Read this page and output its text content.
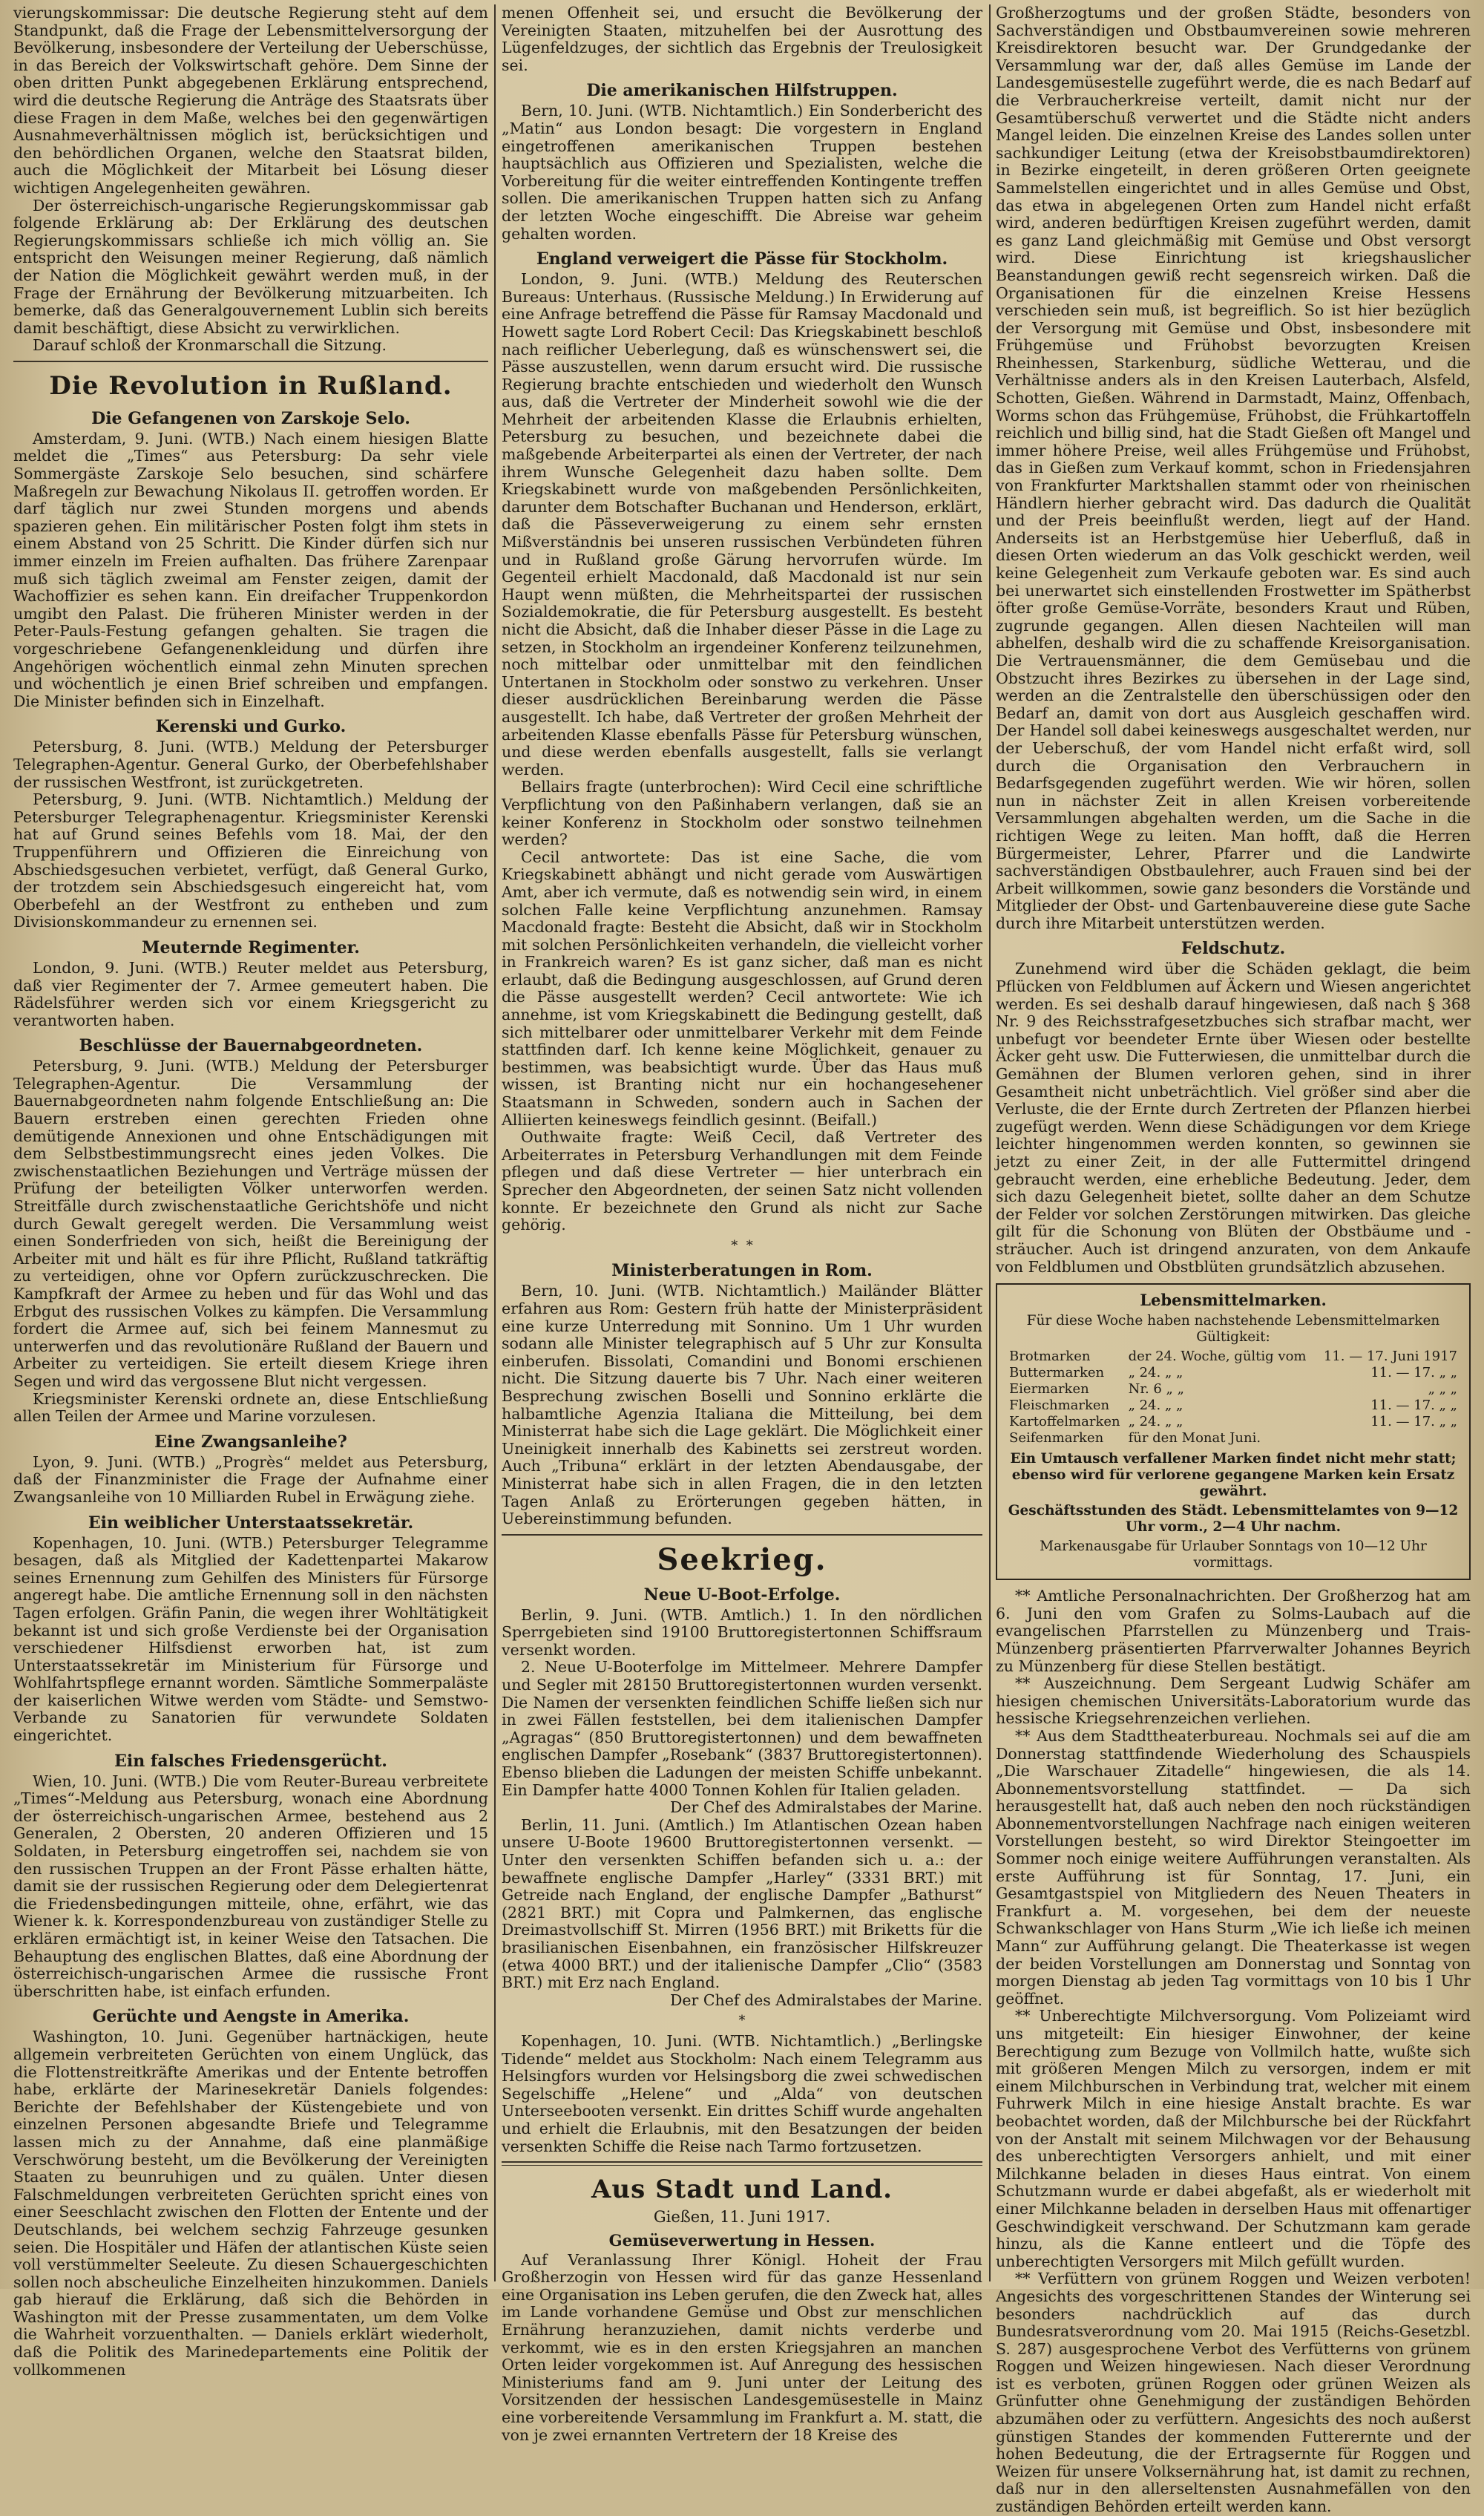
vierungskommissar: Die deutsche Regierung steht auf dem Standpunkt, daß die Frage der Lebensmittelversorgung der Bevölkerung, insbesondere der Verteilung der Ueberschüsse, in das Bereich der Volkswirtschaft gehöre. Dem Sinne der oben dritten Punkt abgegebenen Erklärung entsprechend, wird die deutsche Regierung die Anträge des Staatsrats über diese Fragen in dem Maße, welches bei den gegenwärtigen Ausnahmeverhältnissen möglich ist, berücksichtigen und den behördlichen Organen, welche den Staatsrat bilden, auch die Möglichkeit der Mitarbeit bei Lösung dieser wichtigen Angelegenheiten gewähren.

Der österreichisch-ungarische Regierungskommissar gab folgende Erklärung ab: Der Erklärung des deutschen Regierungskommissars schließe ich mich völlig an. Sie entspricht den Weisungen meiner Regierung, daß nämlich der Nation die Möglichkeit gewährt werden muß, in der Frage der Ernährung der Bevölkerung mitzuarbeiten. Ich bemerke, daß das Generalgouvernement Lublin sich bereits damit beschäftigt, diese Absicht zu verwirklichen.

Darauf schloß der Kronmarschall die Sitzung.

Die Revolution in Rußland.
Die Gefangenen von Zarskoje Selo.

Amsterdam, 9. Juni. (WTB.) Nach einem hiesigen Blatte meldet die „Times“ aus Petersburg: Da sehr viele Sommergäste Zarskoje Selo besuchen, sind schärfere Maßregeln zur Bewachung Nikolaus II. getroffen worden. Er darf täglich nur zwei Stunden morgens und abends spazieren gehen. Ein militärischer Posten folgt ihm stets in einem Abstand von 25 Schritt. Die Kinder dürfen sich nur immer einzeln im Freien aufhalten. Das frühere Zarenpaar muß sich täglich zweimal am Fenster zeigen, damit der Wachoffizier es sehen kann. Ein dreifacher Truppenkordon umgibt den Palast. Die früheren Minister werden in der Peter-Pauls-Festung gefangen gehalten. Sie tragen die vorgeschriebene Gefangenenkleidung und dürfen ihre Angehörigen wöchentlich einmal zehn Minuten sprechen und wöchentlich je einen Brief schreiben und empfangen. Die Minister befinden sich in Einzelhaft.

Kerenski und Gurko.

Petersburg, 8. Juni. (WTB.) Meldung der Petersburger Telegraphen-Agentur. General Gurko, der Oberbefehlshaber der russischen Westfront, ist zurückgetreten.

Petersburg, 9. Juni. (WTB. Nichtamtlich.) Meldung der Petersburger Telegraphenagentur. Kriegsminister Kerenski hat auf Grund seines Befehls vom 18. Mai, der den Truppenführern und Offizieren die Einreichung von Abschiedsgesuchen verbietet, verfügt, daß General Gurko, der trotzdem sein Abschiedsgesuch eingereicht hat, vom Oberbefehl an der Westfront zu entheben und zum Divisionskommandeur zu ernennen sei.

Meuternde Regimenter.

London, 9. Juni. (WTB.) Reuter meldet aus Petersburg, daß vier Regimenter der 7. Armee gemeutert haben. Die Rädelsführer werden sich vor einem Kriegsgericht zu verantworten haben.

Beschlüsse der Bauernabgeordneten.

Petersburg, 9. Juni. (WTB.) Meldung der Petersburger Telegraphen-Agentur. Die Versammlung der Bauernabgeordneten nahm folgende Entschließung an: Die Bauern erstreben einen gerechten Frieden ohne demütigende Annexionen und ohne Entschädigungen mit dem Selbstbestimmungsrecht eines jeden Volkes. Die zwischenstaatlichen Beziehungen und Verträge müssen der Prüfung der beteiligten Völker unterworfen werden. Streitfälle durch zwischenstaatliche Gerichtshöfe und nicht durch Gewalt geregelt werden. Die Versammlung weist einen Sonderfrieden von sich, heißt die Bereinigung der Arbeiter mit und hält es für ihre Pflicht, Rußland tatkräftig zu verteidigen, ohne vor Opfern zurückzuschrecken. Die Kampfkraft der Armee zu heben und für das Wohl und das Erbgut des russischen Volkes zu kämpfen. Die Versammlung fordert die Armee auf, sich bei feinem Mannesmut zu unterwerfen und das revolutionäre Rußland der Bauern und Arbeiter zu verteidigen. Sie erteilt diesem Kriege ihren Segen und wird das vergossene Blut nicht vergessen.

Kriegsminister Kerenski ordnete an, diese Entschließung allen Teilen der Armee und Marine vorzulesen.

Eine Zwangsanleihe?

Lyon, 9. Juni. (WTB.) „Progrès“ meldet aus Petersburg, daß der Finanzminister die Frage der Aufnahme einer Zwangsanleihe von 10 Milliarden Rubel in Erwägung ziehe.

Ein weiblicher Unterstaatssekretär.

Kopenhagen, 10. Juni. (WTB.) Petersburger Telegramme besagen, daß als Mitglied der Kadettenpartei Makarow seines Ernennung zum Gehilfen des Ministers für Fürsorge angeregt habe. Die amtliche Ernennung soll in den nächsten Tagen erfolgen. Gräfin Panin, die wegen ihrer Wohltätigkeit bekannt ist und sich große Verdienste bei der Organisation verschiedener Hilfsdienst erworben hat, ist zum Unterstaatssekretär im Ministerium für Fürsorge und Wohlfahrtspflege ernannt worden. Sämtliche Sommerpaläste der kaiserlichen Witwe werden vom Städte- und Semstwo-Verbande zu Sanatorien für verwundete Soldaten eingerichtet.

Ein falsches Friedensgerücht.

Wien, 10. Juni. (WTB.) Die vom Reuter-Bureau verbreitete „Times“-Meldung aus Petersburg, wonach eine Abordnung der österreichisch-ungarischen Armee, bestehend aus 2 Generalen, 2 Obersten, 20 anderen Offizieren und 15 Soldaten, in Petersburg eingetroffen sei, nachdem sie von den russischen Truppen an der Front Pässe erhalten hätte, damit sie der russischen Regierung oder dem Delegiertenrat die Friedensbedingungen mitteile, ohne, erfährt, wie das Wiener k. k. Korrespondenzbureau von zuständiger Stelle zu erklären ermächtigt ist, in keiner Weise den Tatsachen. Die Behauptung des englischen Blattes, daß eine Abordnung der österreichisch-ungarischen Armee die russische Front überschritten habe, ist einfach erfunden.

Gerüchte und Aengste in Amerika.

Washington, 10. Juni. Gegenüber hartnäckigen, heute allgemein verbreiteten Gerüchten von einem Unglück, das die Flottenstreitkräfte Amerikas und der Entente betroffen habe, erklärte der Marinesekretär Daniels folgendes: Berichte der Befehlshaber der Küstengebiete und von einzelnen Personen abgesandte Briefe und Telegramme lassen mich zu der Annahme, daß eine planmäßige Verschwörung besteht, um die Bevölkerung der Vereinigten Staaten zu beunruhigen und zu quälen. Unter diesen Falschmeldungen verbreiteten Gerüchten spricht eines von einer Seeschlacht zwischen den Flotten der Entente und der Deutschlands, bei welchem sechzig Fahrzeuge gesunken seien. Die Hospitäler und Häfen der atlantischen Küste seien voll verstümmelter Seeleute. Zu diesen Schauergeschichten sollen noch abscheuliche Einzelheiten hinzukommen. Daniels gab hierauf die Erklärung, daß sich die Behörden in Washington mit der Presse zusammentaten, um dem Volke die Wahrheit vorzuenthalten. — Daniels erklärt wiederholt, daß die Politik des Marinedepartements eine Politik der vollkommenen

menen Offenheit sei, und ersucht die Bevölkerung der Vereinigten Staaten, mitzuhelfen bei der Ausrottung des Lügenfeldzuges, der sichtlich das Ergebnis der Treulosigkeit sei.

Die amerikanischen Hilfstruppen.

Bern, 10. Juni. (WTB. Nichtamtlich.) Ein Sonderbericht des „Matin“ aus London besagt: Die vorgestern in England eingetroffenen amerikanischen Truppen bestehen hauptsächlich aus Offizieren und Spezialisten, welche die Vorbereitung für die weiter eintreffenden Kontingente treffen sollen. Die amerikanischen Truppen hatten sich zu Anfang der letzten Woche eingeschifft. Die Abreise war geheim gehalten worden.

England verweigert die Pässe für Stockholm.

London, 9. Juni. (WTB.) Meldung des Reuterschen Bureaus: Unterhaus. (Russische Meldung.) In Erwiderung auf eine Anfrage betreffend die Pässe für Ramsay Macdonald und Howett sagte Lord Robert Cecil: Das Kriegskabinett beschloß nach reiflicher Ueberlegung, daß es wünschenswert sei, die Pässe auszustellen, wenn darum ersucht wird. Die russische Regierung brachte entschieden und wiederholt den Wunsch aus, daß die Vertreter der Minderheit sowohl wie die der Mehrheit der arbeitenden Klasse die Erlaubnis erhielten, Petersburg zu besuchen, und bezeichnete dabei die maßgebende Arbeiterpartei als einen der Vertreter, der nach ihrem Wunsche Gelegenheit dazu haben sollte. Dem Kriegskabinett wurde von maßgebenden Persönlichkeiten, darunter dem Botschafter Buchanan und Henderson, erklärt, daß die Pässeverweigerung zu einem sehr ernsten Mißverständnis bei unseren russischen Verbündeten führen und in Rußland große Gärung hervorrufen würde. Im Gegenteil erhielt Macdonald, daß Macdonald ist nur sein Haupt wenn müßten, die Mehrheitspartei der russischen Sozialdemokratie, die für Petersburg ausgestellt. Es besteht nicht die Absicht, daß die Inhaber dieser Pässe in die Lage zu setzen, in Stockholm an irgendeiner Konferenz teilzunehmen, noch mittelbar oder unmittelbar mit den feindlichen Untertanen in Stockholm oder sonstwo zu verkehren. Unser dieser ausdrücklichen Bereinbarung werden die Pässe ausgestellt. Ich habe, daß Vertreter der großen Mehrheit der arbeitenden Klasse ebenfalls Pässe für Petersburg wünschen, und diese werden ebenfalls ausgestellt, falls sie verlangt werden.

Bellairs fragte (unterbrochen): Wird Cecil eine schriftliche Verpflichtung von den Paßinhabern verlangen, daß sie an keiner Konferenz in Stockholm oder sonstwo teilnehmen werden?

Cecil antwortete: Das ist eine Sache, die vom Kriegskabinett abhängt und nicht gerade vom Auswärtigen Amt, aber ich vermute, daß es notwendig sein wird, in einem solchen Falle keine Verpflichtung anzunehmen. Ramsay Macdonald fragte: Besteht die Absicht, daß wir in Stockholm mit solchen Persönlichkeiten verhandeln, die vielleicht vorher in Frankreich waren? Es ist ganz sicher, daß man es nicht erlaubt, daß die Bedingung ausgeschlossen, auf Grund deren die Pässe ausgestellt werden? Cecil antwortete: Wie ich annehme, ist vom Kriegskabinett die Bedingung gestellt, daß sich mittelbarer oder unmittelbarer Verkehr mit dem Feinde stattfinden darf. Ich kenne keine Möglichkeit, genauer zu bestimmen, was beabsichtigt wurde. Über das Haus muß wissen, ist Branting nicht nur ein hochangesehener Staatsmann in Schweden, sondern auch in Sachen der Alliierten keineswegs feindlich gesinnt. (Beifall.)

Outhwaite fragte: Weiß Cecil, daß Vertreter des Arbeiterrates in Petersburg Verhandlungen mit dem Feinde pflegen und daß diese Vertreter — hier unterbrach ein Sprecher den Abgeordneten, der seinen Satz nicht vollenden konnte. Er bezeichnete den Grund als nicht zur Sache gehörig.

*  *
Ministerberatungen in Rom.

Bern, 10. Juni. (WTB. Nichtamtlich.) Mailänder Blätter erfahren aus Rom: Gestern früh hatte der Ministerpräsident eine kurze Unterredung mit Sonnino. Um 1 Uhr wurden sodann alle Minister telegraphisch auf 5 Uhr zur Konsulta einberufen. Bissolati, Comandini und Bonomi erschienen nicht. Die Sitzung dauerte bis 7 Uhr. Nach einer weiteren Besprechung zwischen Boselli und Sonnino erklärte die halbamtliche Agenzia Italiana die Mitteilung, bei dem Ministerrat habe sich die Lage geklärt. Die Möglichkeit einer Uneinigkeit innerhalb des Kabinetts sei zerstreut worden. Auch „Tribuna“ erklärt in der letzten Abendausgabe, der Ministerrat habe sich in allen Fragen, die in den letzten Tagen Anlaß zu Erörterungen gegeben hätten, in Uebereinstimmung befunden.

Seekrieg.
Neue U-Boot-Erfolge.

Berlin, 9. Juni. (WTB. Amtlich.) 1. In den nördlichen Sperrgebieten sind 19100 Bruttoregistertonnen Schiffsraum versenkt worden.

2. Neue U-Booterfolge im Mittelmeer. Mehrere Dampfer und Segler mit 28150 Bruttoregistertonnen wurden versenkt. Die Namen der versenkten feindlichen Schiffe ließen sich nur in zwei Fällen feststellen, bei dem italienischen Dampfer „Agragas“ (850 Bruttoregistertonnen) und dem bewaffneten englischen Dampfer „Rosebank“ (3837 Bruttoregistertonnen). Ebenso blieben die Ladungen der meisten Schiffe unbekannt. Ein Dampfer hatte 4000 Tonnen Kohlen für Italien geladen.

Der Chef des Admiralstabes der Marine.

Berlin, 11. Juni. (Amtlich.) Im Atlantischen Ozean haben unsere U-Boote 19600 Bruttoregistertonnen versenkt. — Unter den versenkten Schiffen befanden sich u. a.: der bewaffnete englische Dampfer „Harley“ (3331 BRT.) mit Getreide nach England, der englische Dampfer „Bathurst“ (2821 BRT.) mit Copra und Palmkernen, das englische Dreimastvollschiff St. Mirren (1956 BRT.) mit Briketts für die brasilianischen Eisenbahnen, ein französischer Hilfskreuzer (etwa 4000 BRT.) und der italienische Dampfer „Clio“ (3583 BRT.) mit Erz nach England.

Der Chef des Admiralstabes der Marine.

*

Kopenhagen, 10. Juni. (WTB. Nichtamtlich.) „Berlingske Tidende“ meldet aus Stockholm: Nach einem Telegramm aus Helsingfors wurden vor Helsingsborg die zwei schwedischen Segelschiffe „Helene“ und „Alda“ von deutschen Unterseebooten versenkt. Ein drittes Schiff wurde angehalten und erhielt die Erlaubnis, mit den Besatzungen der beiden versenkten Schiffe die Reise nach Tarmo fortzusetzen.

Aus Stadt und Land.
Gießen, 11. Juni 1917.
Gemüseverwertung in Hessen.

Auf Veranlassung Ihrer Königl. Hoheit der Frau Großherzogin von Hessen wird für das ganze Hessenland eine Organisation ins Leben gerufen, die den Zweck hat, alles im Lande vorhandene Gemüse und Obst zur menschlichen Ernährung heranzuziehen, damit nichts verderbe und verkommt, wie es in den ersten Kriegsjahren an manchen Orten leider vorgekommen ist. Auf Anregung des hessischen Ministeriums fand am 9. Juni unter der Leitung des Vorsitzenden der hessischen Landesgemüsestelle in Mainz eine vorbereitende Versammlung im Frankfurt a. M. statt, die von je zwei ernannten Vertretern der 18 Kreise des

Großherzogtums und der großen Städte, besonders von Sachverständigen und Obstbaumvereinen sowie mehreren Kreisdirektoren besucht war. Der Grundgedanke der Versammlung war der, daß alles Gemüse im Lande der Landesgemüsestelle zugeführt werde, die es nach Bedarf auf die Verbraucherkreise verteilt, damit nicht nur der Gesamtüberschuß verwertet und die Städte nicht anders Mangel leiden. Die einzelnen Kreise des Landes sollen unter sachkundiger Leitung (etwa der Kreisobstbaumdirektoren) in Bezirke eingeteilt, in deren größeren Orten geeignete Sammelstellen eingerichtet und in alles Gemüse und Obst, das etwa in abgelegenen Orten zum Handel nicht erfaßt wird, anderen bedürftigen Kreisen zugeführt werden, damit es ganz Land gleichmäßig mit Gemüse und Obst versorgt wird. Diese Einrichtung ist kriegshauslicher Beanstandungen gewiß recht segensreich wirken. Daß die Organisationen für die einzelnen Kreise Hessens verschieden sein muß, ist begreiflich. So ist hier bezüglich der Versorgung mit Gemüse und Obst, insbesondere mit Frühgemüse und Frühobst bevorzugten Kreisen Rheinhessen, Starkenburg, südliche Wetterau, und die Verhältnisse anders als in den Kreisen Lauterbach, Alsfeld, Schotten, Gießen. Während in Darmstadt, Mainz, Offenbach, Worms schon das Frühgemüse, Frühobst, die Frühkartoffeln reichlich und billig sind, hat die Stadt Gießen oft Mangel und immer höhere Preise, weil alles Frühgemüse und Frühobst, das in Gießen zum Verkauf kommt, schon in Friedensjahren von Frankfurter Marktshallen stammt oder von rheinischen Händlern hierher gebracht wird. Das dadurch die Qualität und der Preis beeinflußt werden, liegt auf der Hand. Anderseits ist an Herbstgemüse hier Ueberfluß, daß in diesen Orten wiederum an das Volk geschickt werden, weil keine Gelegenheit zum Verkaufe geboten war. Es sind auch bei unerwartet sich einstellenden Frostwetter im Spätherbst öfter große Gemüse-Vorräte, besonders Kraut und Rüben, zugrunde gegangen. Allen diesen Nachteilen will man abhelfen, deshalb wird die zu schaffende Kreisorganisation. Die Vertrauensmänner, die dem Gemüsebau und die Obstzucht ihres Bezirkes zu übersehen in der Lage sind, werden an die Zentralstelle den überschüssigen oder den Bedarf an, damit von dort aus Ausgleich geschaffen wird. Der Handel soll dabei keineswegs ausgeschaltet werden, nur der Ueberschuß, der vom Handel nicht erfaßt wird, soll durch die Organisation den Verbrauchern in Bedarfsgegenden zugeführt werden. Wie wir hören, sollen nun in nächster Zeit in allen Kreisen vorbereitende Versammlungen abgehalten werden, um die Sache in die richtigen Wege zu leiten. Man hofft, daß die Herren Bürgermeister, Lehrer, Pfarrer und die Landwirte sachverständigen Obstbaulehrer, auch Frauen sind bei der Arbeit willkommen, sowie ganz besonders die Vorstände und Mitglieder der Obst- und Gartenbauvereine diese gute Sache durch ihre Mitarbeit unterstützen werden.

Feldschutz.

Zunehmend wird über die Schäden geklagt, die beim Pflücken von Feldblumen auf Äckern und Wiesen angerichtet werden. Es sei deshalb darauf hingewiesen, daß nach § 368 Nr. 9 des Reichsstrafgesetzbuches sich strafbar macht, wer unbefugt vor beendeter Ernte über Wiesen oder bestellte Äcker geht usw. Die Futterwiesen, die unmittelbar durch die Gemähnen der Blumen verloren gehen, sind in ihrer Gesamtheit nicht unbeträchtlich. Viel größer sind aber die Verluste, die der Ernte durch Zertreten der Pflanzen hierbei zugefügt werden. Wenn diese Schädigungen vor dem Kriege leichter hingenommen werden konnten, so gewinnen sie jetzt zu einer Zeit, in der alle Futtermittel dringend gebraucht werden, eine erhebliche Bedeutung. Jeder, dem sich dazu Gelegenheit bietet, sollte daher an dem Schutze der Felder vor solchen Zerstörungen mitwirken. Das gleiche gilt für die Schonung von Blüten der Obstbäume und -sträucher. Auch ist dringend anzuraten, von dem Ankaufe von Feldblumen und Obstblüten grundsätzlich abzusehen.

Lebensmittelmarken.
Für diese Woche haben nachstehende Lebensmittelmarken Gültigkeit:
Brotmarken	der 24. Woche, gültig vom	11. — 17. Juni 1917
Buttermarken	„ 24. „ „	11. — 17. „ „
Eiermarken	Nr. 6 „ „	„ „ „
Fleischmarken	„ 24. „ „	11. — 17. „ „
Kartoffelmarken	„ 24. „ „	11. — 17. „ „
Seifenmarken	für den Monat Juni.	
Ein Umtausch verfallener Marken findet nicht mehr statt; ebenso wird für verlorene gegangene Marken kein Ersatz gewährt.
Geschäftsstunden des Städt. Lebensmittelamtes von 9—12 Uhr vorm., 2—4 Uhr nachm.
Markenausgabe für Urlauber Sonntags von 10—12 Uhr vormittags.

** Amtliche Personalnachrichten. Der Großherzog hat am 6. Juni den vom Grafen zu Solms-Laubach auf die evangelischen Pfarrstellen zu Münzenberg und Trais-Münzenberg präsentierten Pfarrverwalter Johannes Beyrich zu Münzenberg für diese Stellen bestätigt.

** Auszeichnung. Dem Sergeant Ludwig Schäfer am hiesigen chemischen Universitäts-Laboratorium wurde das hessische Kriegsehrenzeichen verliehen.

** Aus dem Stadttheaterbureau. Nochmals sei auf die am Donnerstag stattfindende Wiederholung des Schauspiels „Die Warschauer Zitadelle“ hingewiesen, die als 14. Abonnementsvorstellung stattfindet. — Da sich herausgestellt hat, daß auch neben den noch rückständigen Abonnementvorstellungen Nachfrage nach einigen weiteren Vorstellungen besteht, so wird Direktor Steingoetter im Sommer noch einige weitere Aufführungen veranstalten. Als erste Aufführung ist für Sonntag, 17. Juni, ein Gesamtgastspiel von Mitgliedern des Neuen Theaters in Frankfurt a. M. vorgesehen, bei dem der neueste Schwankschlager von Hans Sturm „Wie ich ließe ich meinen Mann“ zur Aufführung gelangt. Die Theaterkasse ist wegen der beiden Vorstellungen am Donnerstag und Sonntag von morgen Dienstag ab jeden Tag vormittags von 10 bis 1 Uhr geöffnet.

** Unberechtigte Milchversorgung. Vom Polizeiamt wird uns mitgeteilt: Ein hiesiger Einwohner, der keine Berechtigung zum Bezuge von Vollmilch hatte, wußte sich mit größeren Mengen Milch zu versorgen, indem er mit einem Milchburschen in Verbindung trat, welcher mit einem Fuhrwerk Milch in eine hiesige Anstalt brachte. Es war beobachtet worden, daß der Milchbursche bei der Rückfahrt von der Anstalt mit seinem Milchwagen vor der Behausung des unberechtigten Versorgers anhielt, und mit einer Milchkanne beladen in dieses Haus eintrat. Von einem Schutzmann wurde er dabei abgefaßt, als er wiederholt mit einer Milchkanne beladen in derselben Haus mit offenartiger Geschwindigkeit verschwand. Der Schutzmann kam gerade hinzu, als die Kanne entleert und die Töpfe des unberechtigten Versorgers mit Milch gefüllt wurden.

** Verfüttern von grünem Roggen und Weizen verboten! Angesichts des vorgeschrittenen Standes der Winterung sei besonders nachdrücklich auf das durch Bundesratsverordnung vom 20. Mai 1915 (Reichs-Gesetzbl. S. 287) ausgesprochene Verbot des Verfütterns von grünem Roggen und Weizen hingewiesen. Nach dieser Verordnung ist es verboten, grünen Roggen oder grünen Weizen als Grünfutter ohne Genehmigung der zuständigen Behörden abzumähen oder zu verfüttern. Angesichts des noch außerst günstigen Standes der kommenden Futterernte und der hohen Bedeutung, die der Ertragsernte für Roggen und Weizen für unsere Volksernährung hat, ist damit zu rechnen, daß nur in den allerseltensten Ausnahmefällen von den zuständigen Behörden erteilt werden kann.
